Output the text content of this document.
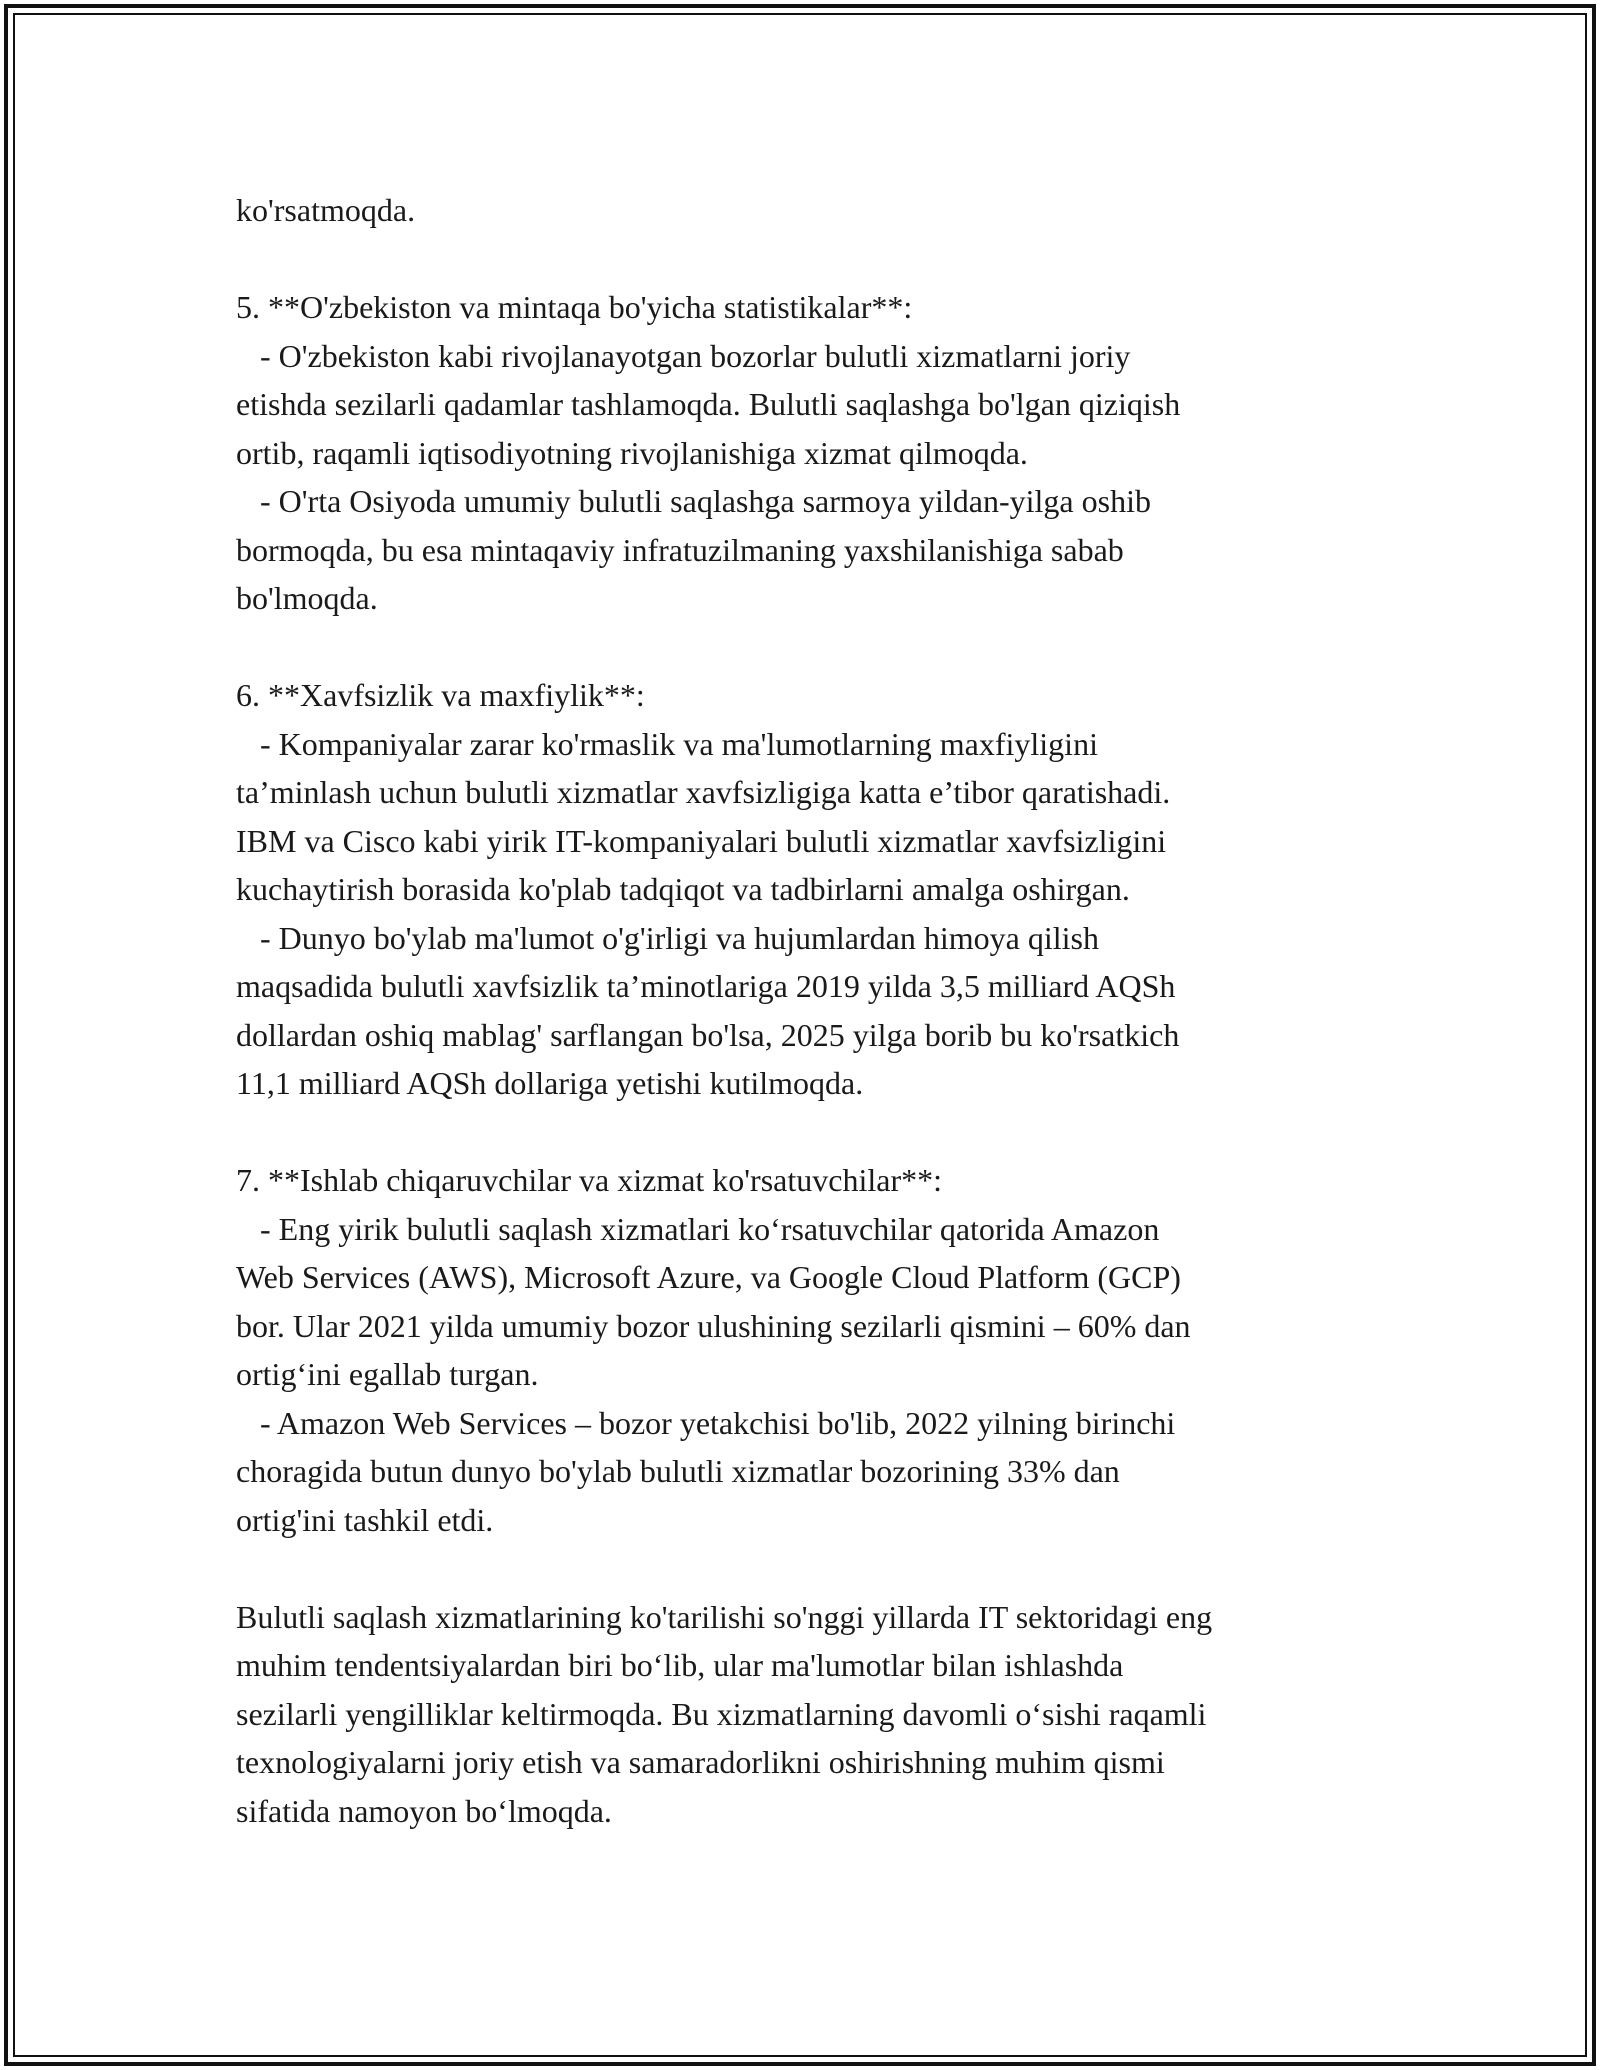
ko'rsatmoqda.

5. **O'zbekiston va mintaqa bo'yicha statistikalar**:
- O'zbekiston kabi rivojlanayotgan bozorlar bulutli xizmatlarni joriy
etishda sezilarli qadamlar tashlamoqda. Bulutli saqlashga bo'lgan qiziqish
ortib, raqamli iqtisodiyotning rivojlanishiga xizmat qilmoqda.
- O'rta Osiyoda umumiy bulutli saqlashga sarmoya yildan-yilga oshib
bormoqda, bu esa mintaqaviy infratuzilmaning yaxshilanishiga sabab
bo'lmoqda.

6. **Xavfsizlik va maxfiylik**:
- Kompaniyalar zarar ko'rmaslik va ma'lumotlarning maxfiyligini
ta’minlash uchun bulutli xizmatlar xavfsizligiga katta e’tibor qaratishadi.
IBM va Cisco kabi yirik IT-kompaniyalari bulutli xizmatlar xavfsizligini
kuchaytirish borasida ko'plab tadqiqot va tadbirlarni amalga oshirgan.
- Dunyo bo'ylab ma'lumot o'g'irligi va hujumlardan himoya qilish
maqsadida bulutli xavfsizlik ta’minotlariga 2019 yilda 3,5 milliard AQSh
dollardan oshiq mablag' sarflangan bo'lsa, 2025 yilga borib bu ko'rsatkich
11,1 milliard AQSh dollariga yetishi kutilmoqda.

7. **Ishlab chiqaruvchilar va xizmat ko'rsatuvchilar**:
- Eng yirik bulutli saqlash xizmatlari ko‘rsatuvchilar qatorida Amazon
Web Services (AWS), Microsoft Azure, va Google Cloud Platform (GCP)
bor. Ular 2021 yilda umumiy bozor ulushining sezilarli qismini – 60% dan
ortig‘ini egallab turgan.
- Amazon Web Services – bozor yetakchisi bo'lib, 2022 yilning birinchi
choragida butun dunyo bo'ylab bulutli xizmatlar bozorining 33% dan
ortig'ini tashkil etdi.

Bulutli saqlash xizmatlarining ko'tarilishi so'nggi yillarda IT sektoridagi eng
muhim tendentsiyalardan biri bo‘lib, ular ma'lumotlar bilan ishlashda
sezilarli yengilliklar keltirmoqda. Bu xizmatlarning davomli o‘sishi raqamli
texnologiyalarni joriy etish va samaradorlikni oshirishning muhim qismi
sifatida namoyon bo‘lmoqda.
